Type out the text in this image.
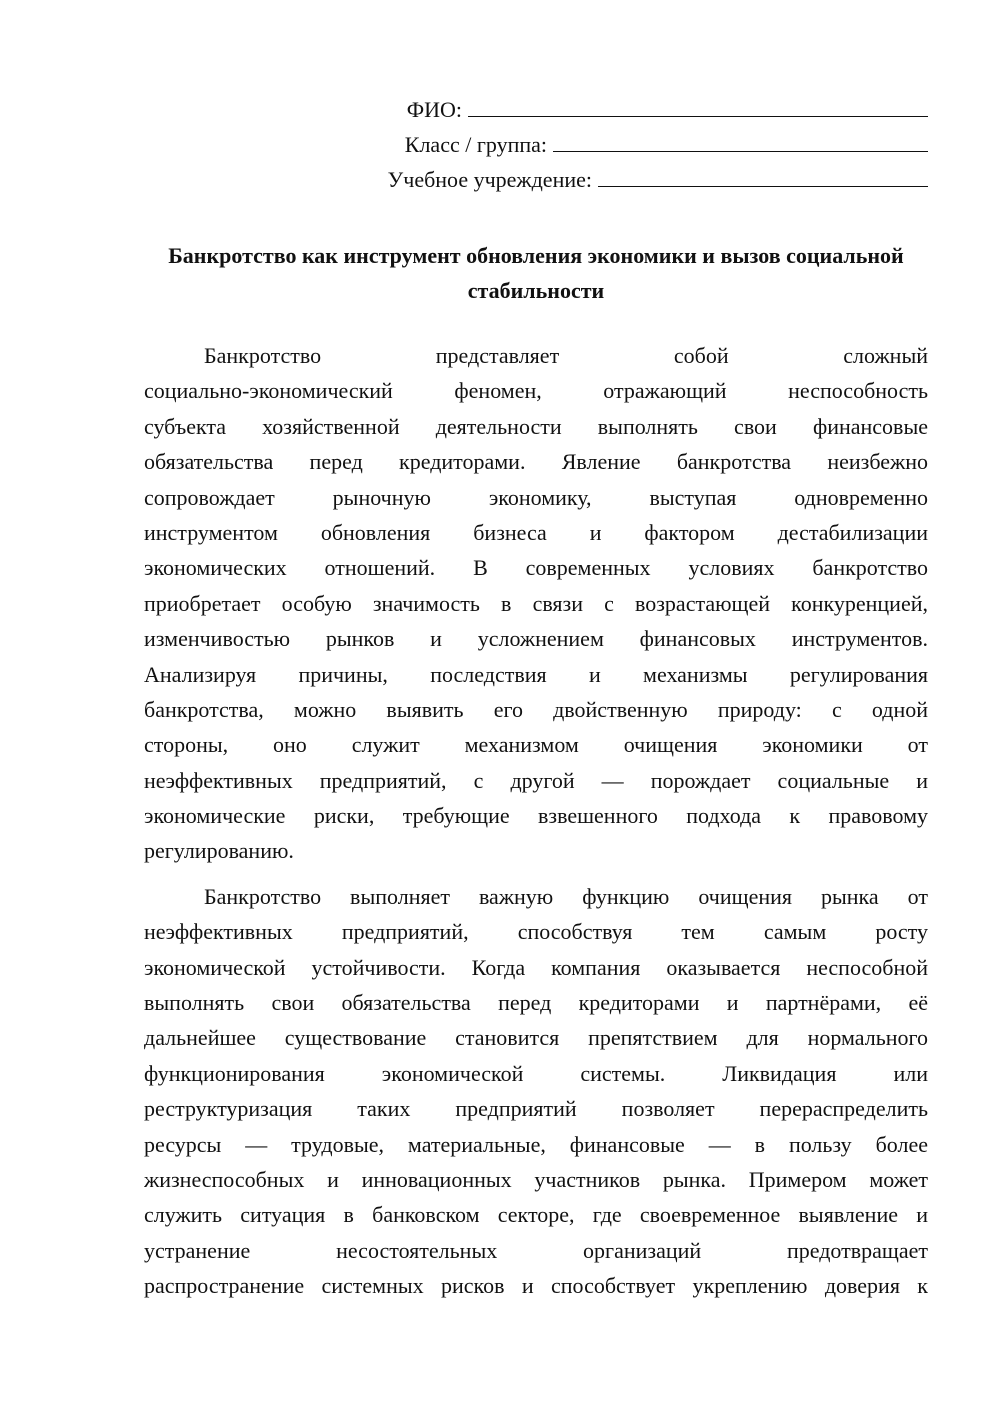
ФИО:
Класс / группа:
Учебное учреждение:
Банкротство как инструмент обновления экономики и вызов социальной
стабильности
Банкротство представляет собой сложный
социально-экономический феномен, отражающий неспособность
субъекта хозяйственной деятельности выполнять свои финансовые
обязательства перед кредиторами. Явление банкротства неизбежно
сопровождает рыночную экономику, выступая одновременно
инструментом обновления бизнеса и фактором дестабилизации
экономических отношений. В современных условиях банкротство
приобретает особую значимость в связи с возрастающей конкуренцией,
изменчивостью рынков и усложнением финансовых инструментов.
Анализируя причины, последствия и механизмы регулирования
банкротства, можно выявить его двойственную природу: с одной
стороны, оно служит механизмом очищения экономики от
неэффективных предприятий, с другой — порождает социальные и
экономические риски, требующие взвешенного подхода к правовому
регулированию.
Банкротство выполняет важную функцию очищения рынка от
неэффективных предприятий, способствуя тем самым росту
экономической устойчивости. Когда компания оказывается неспособной
выполнять свои обязательства перед кредиторами и партнёрами, её
дальнейшее существование становится препятствием для нормального
функционирования экономической системы. Ликвидация или
реструктуризация таких предприятий позволяет перераспределить
ресурсы — трудовые, материальные, финансовые — в пользу более
жизнеспособных и инновационных участников рынка. Примером может
служить ситуация в банковском секторе, где своевременное выявление и
устранение несостоятельных организаций предотвращает
распространение системных рисков и способствует укреплению доверия к
